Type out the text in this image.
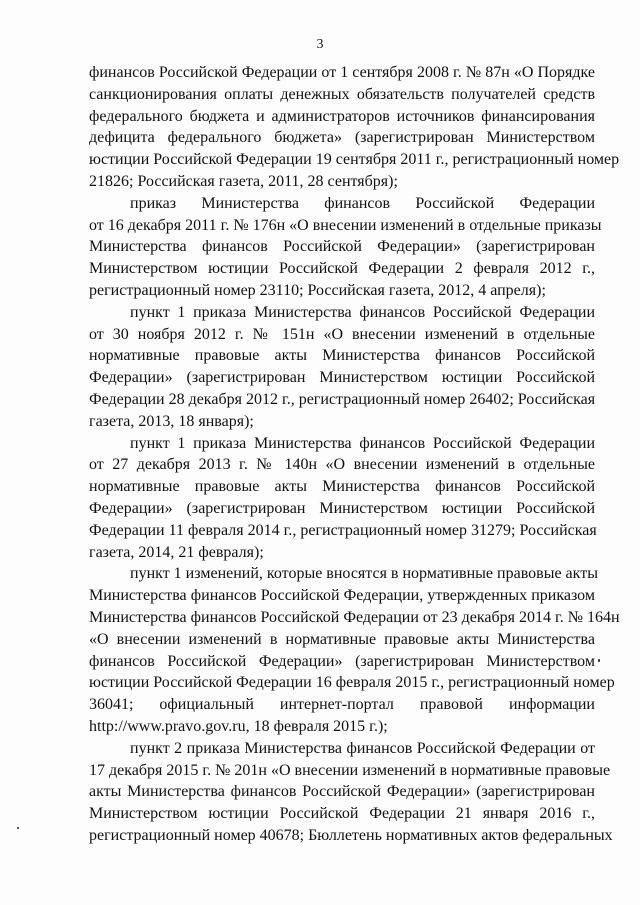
3
финансов Российской Федерации от 1 сентября 2008 г. № 87н «О Порядке
санкционирования оплаты денежных обязательств получателей средств
федерального бюджета и администраторов источников финансирования
дефицита федерального бюджета» (зарегистрирован Министерством
юстиции Российской Федерации 19 сентября 2011 г., регистрационный номер
21826; Российская газета, 2011, 28 сентября);
приказ Министерства финансов Российской Федерации
от 16 декабря 2011 г. № 176н «О внесении изменений в отдельные приказы
Министерства финансов Российской Федерации» (зарегистрирован
Министерством юстиции Российской Федерации 2 февраля 2012 г.,
регистрационный номер 23110; Российская газета, 2012, 4 апреля);
пункт 1 приказа Министерства финансов Российской Федерации
от 30 ноября 2012 г. № 151н «О внесении изменений в отдельные
нормативные правовые акты Министерства финансов Российской
Федерации» (зарегистрирован Министерством юстиции Российской
Федерации 28 декабря 2012 г., регистрационный номер 26402; Российская
газета, 2013, 18 января);
пункт 1 приказа Министерства финансов Российской Федерации
от 27 декабря 2013 г. № 140н «О внесении изменений в отдельные
нормативные правовые акты Министерства финансов Российской
Федерации» (зарегистрирован Министерством юстиции Российской
Федерации 11 февраля 2014 г., регистрационный номер 31279; Российская
газета, 2014, 21 февраля);
пункт 1 изменений, которые вносятся в нормативные правовые акты
Министерства финансов Российской Федерации, утвержденных приказом
Министерства финансов Российской Федерации от 23 декабря 2014 г. № 164н
«О внесении изменений в нормативные правовые акты Министерства
финансов Российской Федерации» (зарегистрирован Министерством
юстиции Российской Федерации 16 февраля 2015 г., регистрационный номер
36041; официальный интернет-портал правовой информации
http://www.pravo.gov.ru, 18 февраля 2015 г.);
пункт 2 приказа Министерства финансов Российской Федерации от
17 декабря 2015 г. № 201н «О внесении изменений в нормативные правовые
акты Министерства финансов Российской Федерации» (зарегистрирован
Министерством юстиции Российской Федерации 21 января 2016 г.,
регистрационный номер 40678; Бюллетень нормативных актов федеральных
